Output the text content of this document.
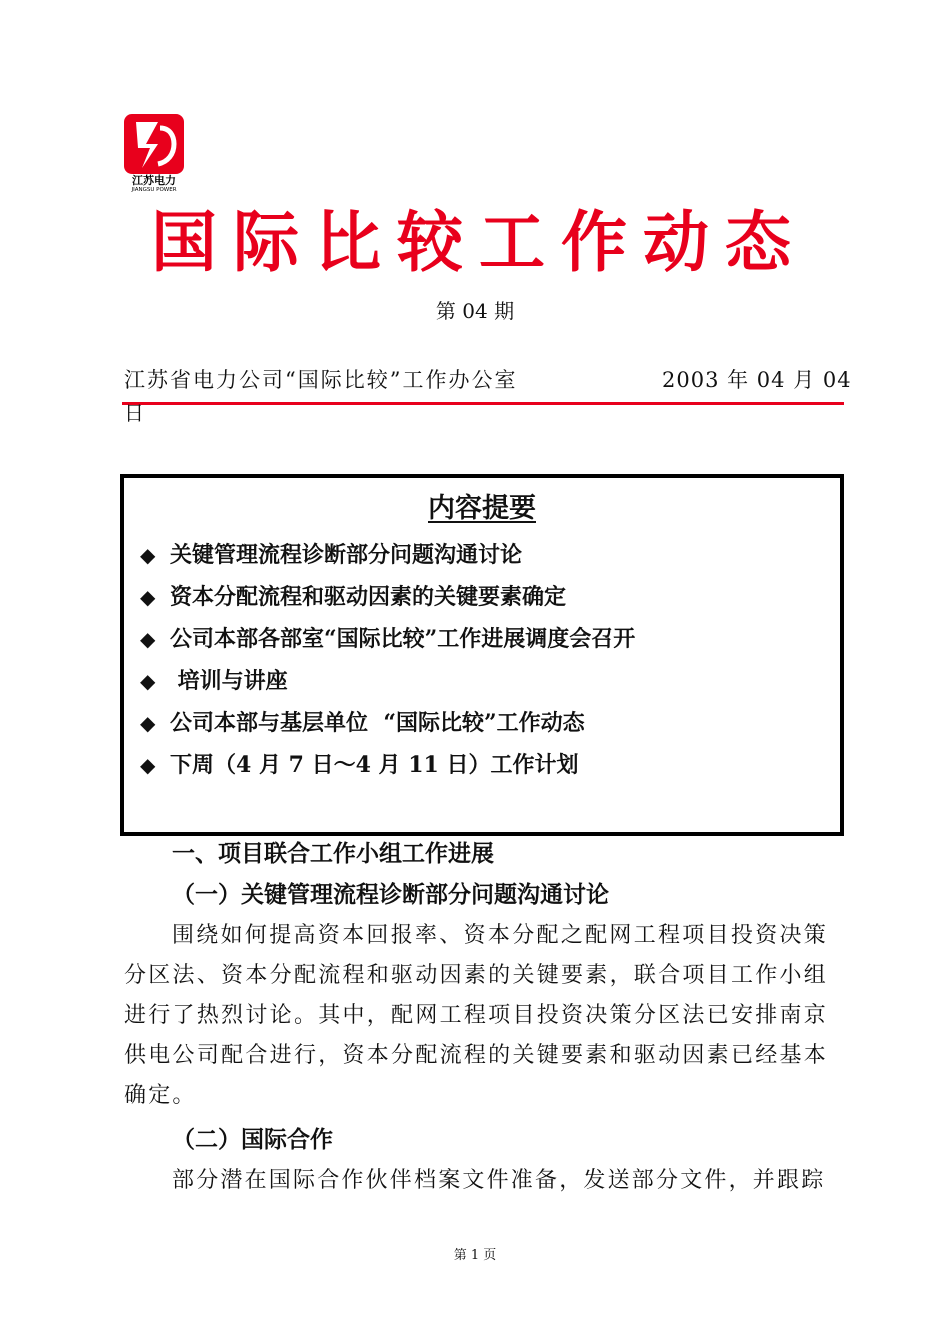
江苏电力
JIANGSU POWER
国际比较工作动态
第 04 期
江苏省电力公司“国际比较”工作办公室	2003 年 04 月 04
日
内容提要
◆ 关键管理流程诊断部分问题沟通讨论
◆ 资本分配流程和驱动因素的关键要素确定
◆ 公司本部各部室“国际比较”工作进展调度会召开
◆ 培训与讲座
◆ 公司本部与基层单位  “国际比较”工作动态
◆ 下周（4 月 7 日～4 月 11 日）工作计划
一、项目联合工作小组工作进展
（一）关键管理流程诊断部分问题沟通讨论
围绕如何提高资本回报率、资本分配之配网工程项目投资决策分区法、资本分配流程和驱动因素的关键要素，联合项目工作小组进行了热烈讨论。其中，配网工程项目投资决策分区法已安排南京供电公司配合进行，资本分配流程的关键要素和驱动因素已经基本确定。
（二）国际合作
部分潜在国际合作伙伴档案文件准备，发送部分文件，并跟踪
第 1 页
